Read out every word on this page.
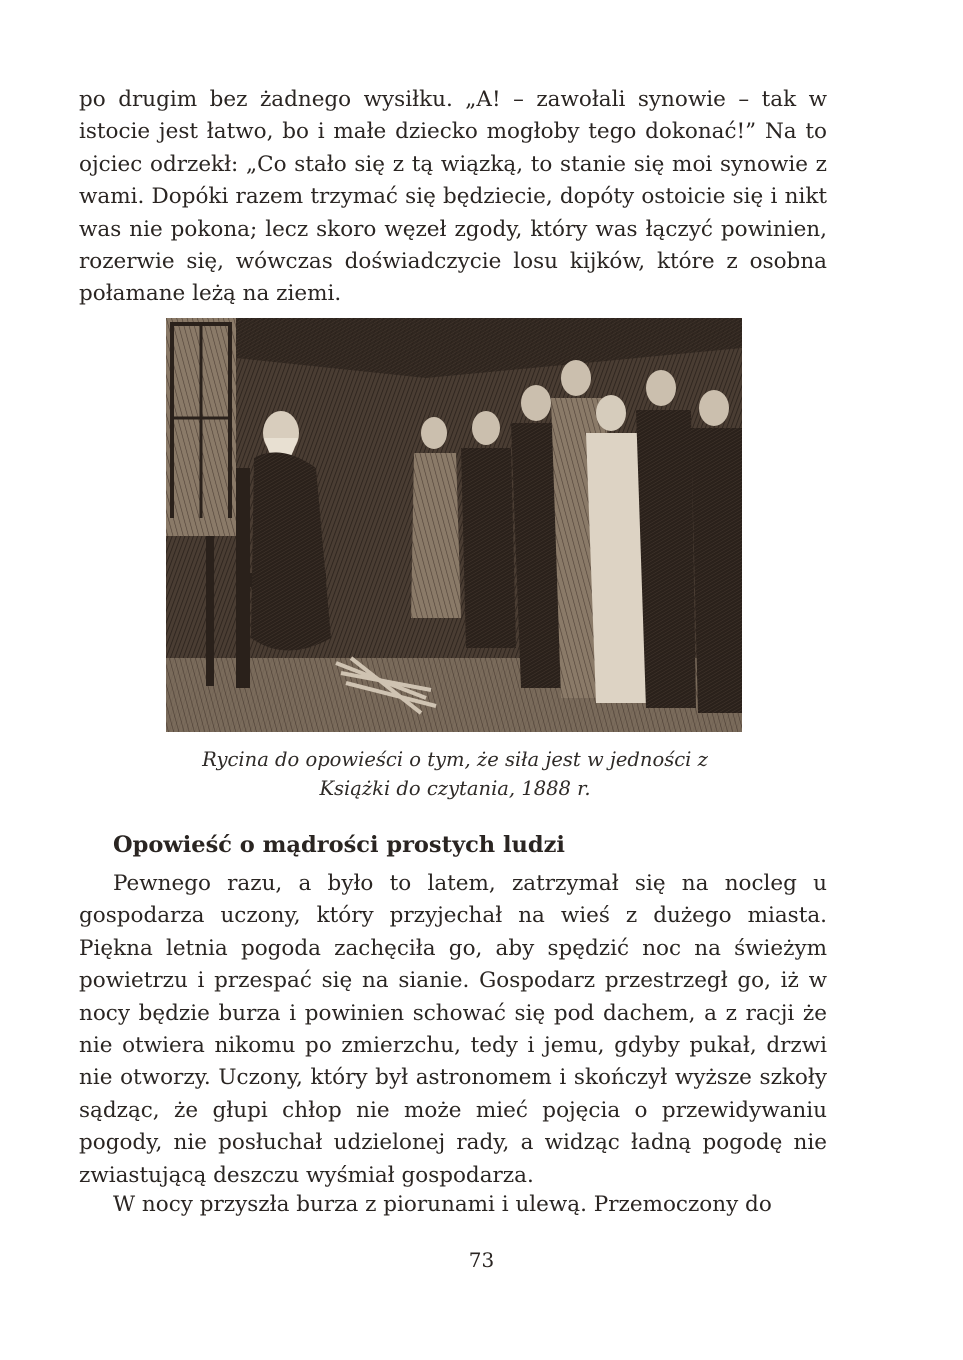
po drugim bez żadnego wysiłku. „A! – zawołali synowie – tak w istocie jest łatwo, bo i małe dziecko mogłoby tego dokonać!” Na to ojciec odrzekł: „Co stało się z tą wiązką, to stanie się moi synowie z wami. Dopóki razem trzymać się będziecie, dopóty ostoicie się i nikt was nie pokona; lecz skoro węzeł zgody, który was łączyć powinien, rozerwie się, wówczas doświadczycie losu kijków, które z osobna połamane leżą na ziemi.

Rycina do opowieści o tym, że siła jest w jedności z
Książki do czytania, 1888 r.

Opowieść o mądrości prostych ludzi

Pewnego razu, a było to latem, zatrzymał się na nocleg u gospodarza uczony, który przyjechał na wieś z dużego miasta. Piękna letnia pogoda zachęciła go, aby spędzić noc na świeżym powietrzu i przespać się na sianie. Gospodarz przestrzegł go, iż w nocy będzie burza i powinien schować się pod dachem, a z racji że nie otwiera nikomu po zmierzchu, tedy i jemu, gdyby pukał, drzwi nie otworzy. Uczony, który był astronomem i skończył wyższe szkoły sądząc, że głupi chłop nie może mieć pojęcia o przewidywaniu pogody, nie posłuchał udzielonej rady, a widząc ładną pogodę nie zwiastującą deszczu wyśmiał gospodarza.

W nocy przyszła burza z piorunami i ulewą. Przemoczony do

73
